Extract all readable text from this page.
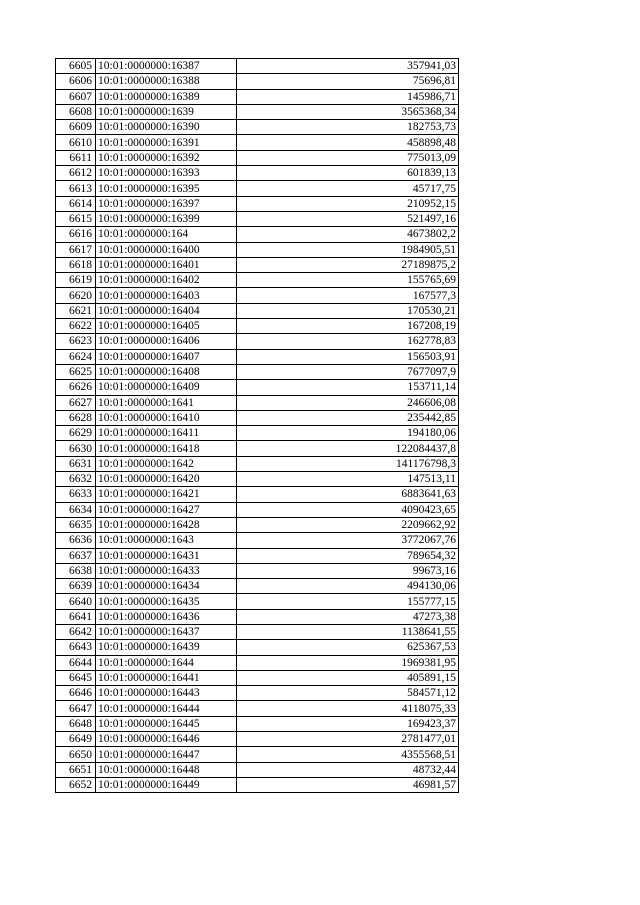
6605	10:01:0000000:16387	357941,03
6606	10:01:0000000:16388	75696,81
6607	10:01:0000000:16389	145986,71
6608	10:01:0000000:1639	3565368,34
6609	10:01:0000000:16390	182753,73
6610	10:01:0000000:16391	458898,48
6611	10:01:0000000:16392	775013,09
6612	10:01:0000000:16393	601839,13
6613	10:01:0000000:16395	45717,75
6614	10:01:0000000:16397	210952,15
6615	10:01:0000000:16399	521497,16
6616	10:01:0000000:164	4673802,2
6617	10:01:0000000:16400	1984905,51
6618	10:01:0000000:16401	27189875,2
6619	10:01:0000000:16402	155765,69
6620	10:01:0000000:16403	167577,3
6621	10:01:0000000:16404	170530,21
6622	10:01:0000000:16405	167208,19
6623	10:01:0000000:16406	162778,83
6624	10:01:0000000:16407	156503,91
6625	10:01:0000000:16408	7677097,9
6626	10:01:0000000:16409	153711,14
6627	10:01:0000000:1641	246606,08
6628	10:01:0000000:16410	235442,85
6629	10:01:0000000:16411	194180,06
6630	10:01:0000000:16418	122084437,8
6631	10:01:0000000:1642	141176798,3
6632	10:01:0000000:16420	147513,11
6633	10:01:0000000:16421	6883641,63
6634	10:01:0000000:16427	4090423,65
6635	10:01:0000000:16428	2209662,92
6636	10:01:0000000:1643	3772067,76
6637	10:01:0000000:16431	789654,32
6638	10:01:0000000:16433	99673,16
6639	10:01:0000000:16434	494130,06
6640	10:01:0000000:16435	155777,15
6641	10:01:0000000:16436	47273,38
6642	10:01:0000000:16437	1138641,55
6643	10:01:0000000:16439	625367,53
6644	10:01:0000000:1644	1969381,95
6645	10:01:0000000:16441	405891,15
6646	10:01:0000000:16443	584571,12
6647	10:01:0000000:16444	4118075,33
6648	10:01:0000000:16445	169423,37
6649	10:01:0000000:16446	2781477,01
6650	10:01:0000000:16447	4355568,51
6651	10:01:0000000:16448	48732,44
6652	10:01:0000000:16449	46981,57
